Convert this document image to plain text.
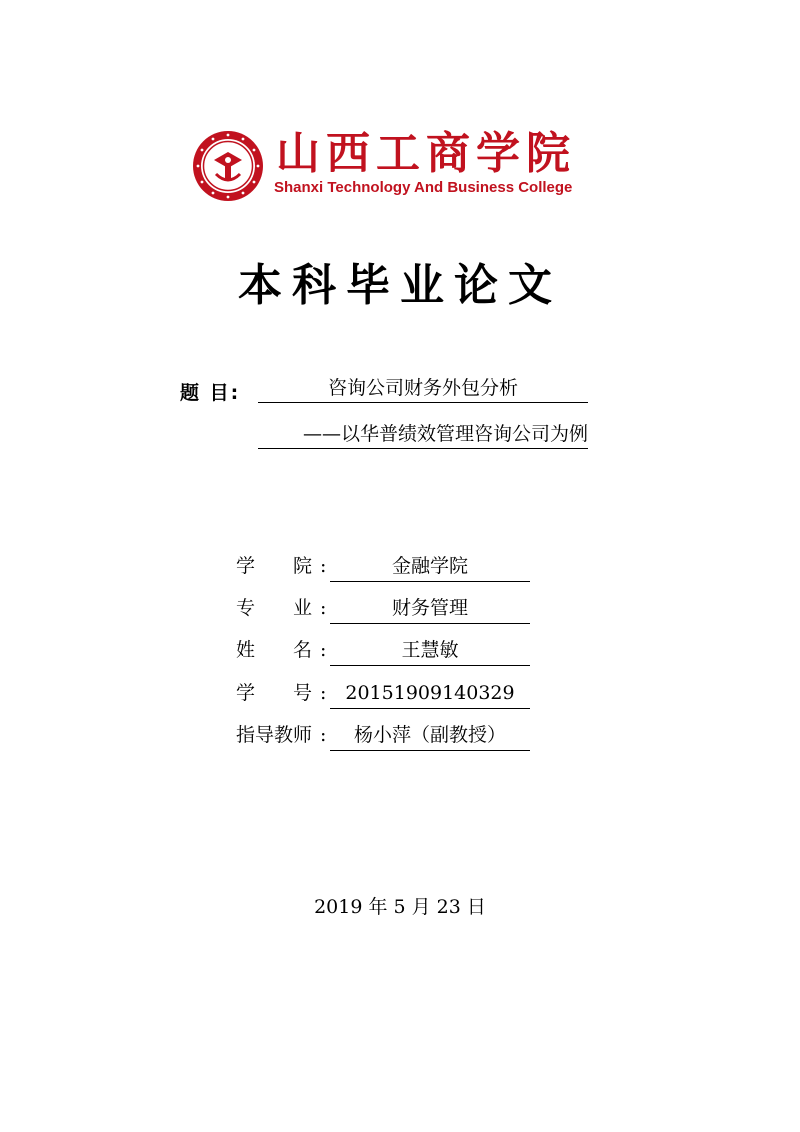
山西工商学院
Shanxi Technology And Business College
本科毕业论文
题 目:	咨询公司财务外包分析
——以华普绩效管理咨询公司为例
学　　院 :	金融学院
专　　业 :	财务管理
姓　　名 :	王慧敏
学　　号 : 20151909140329
指导教师 :	杨小萍（副教授）
2019 年 5 月 23 日
